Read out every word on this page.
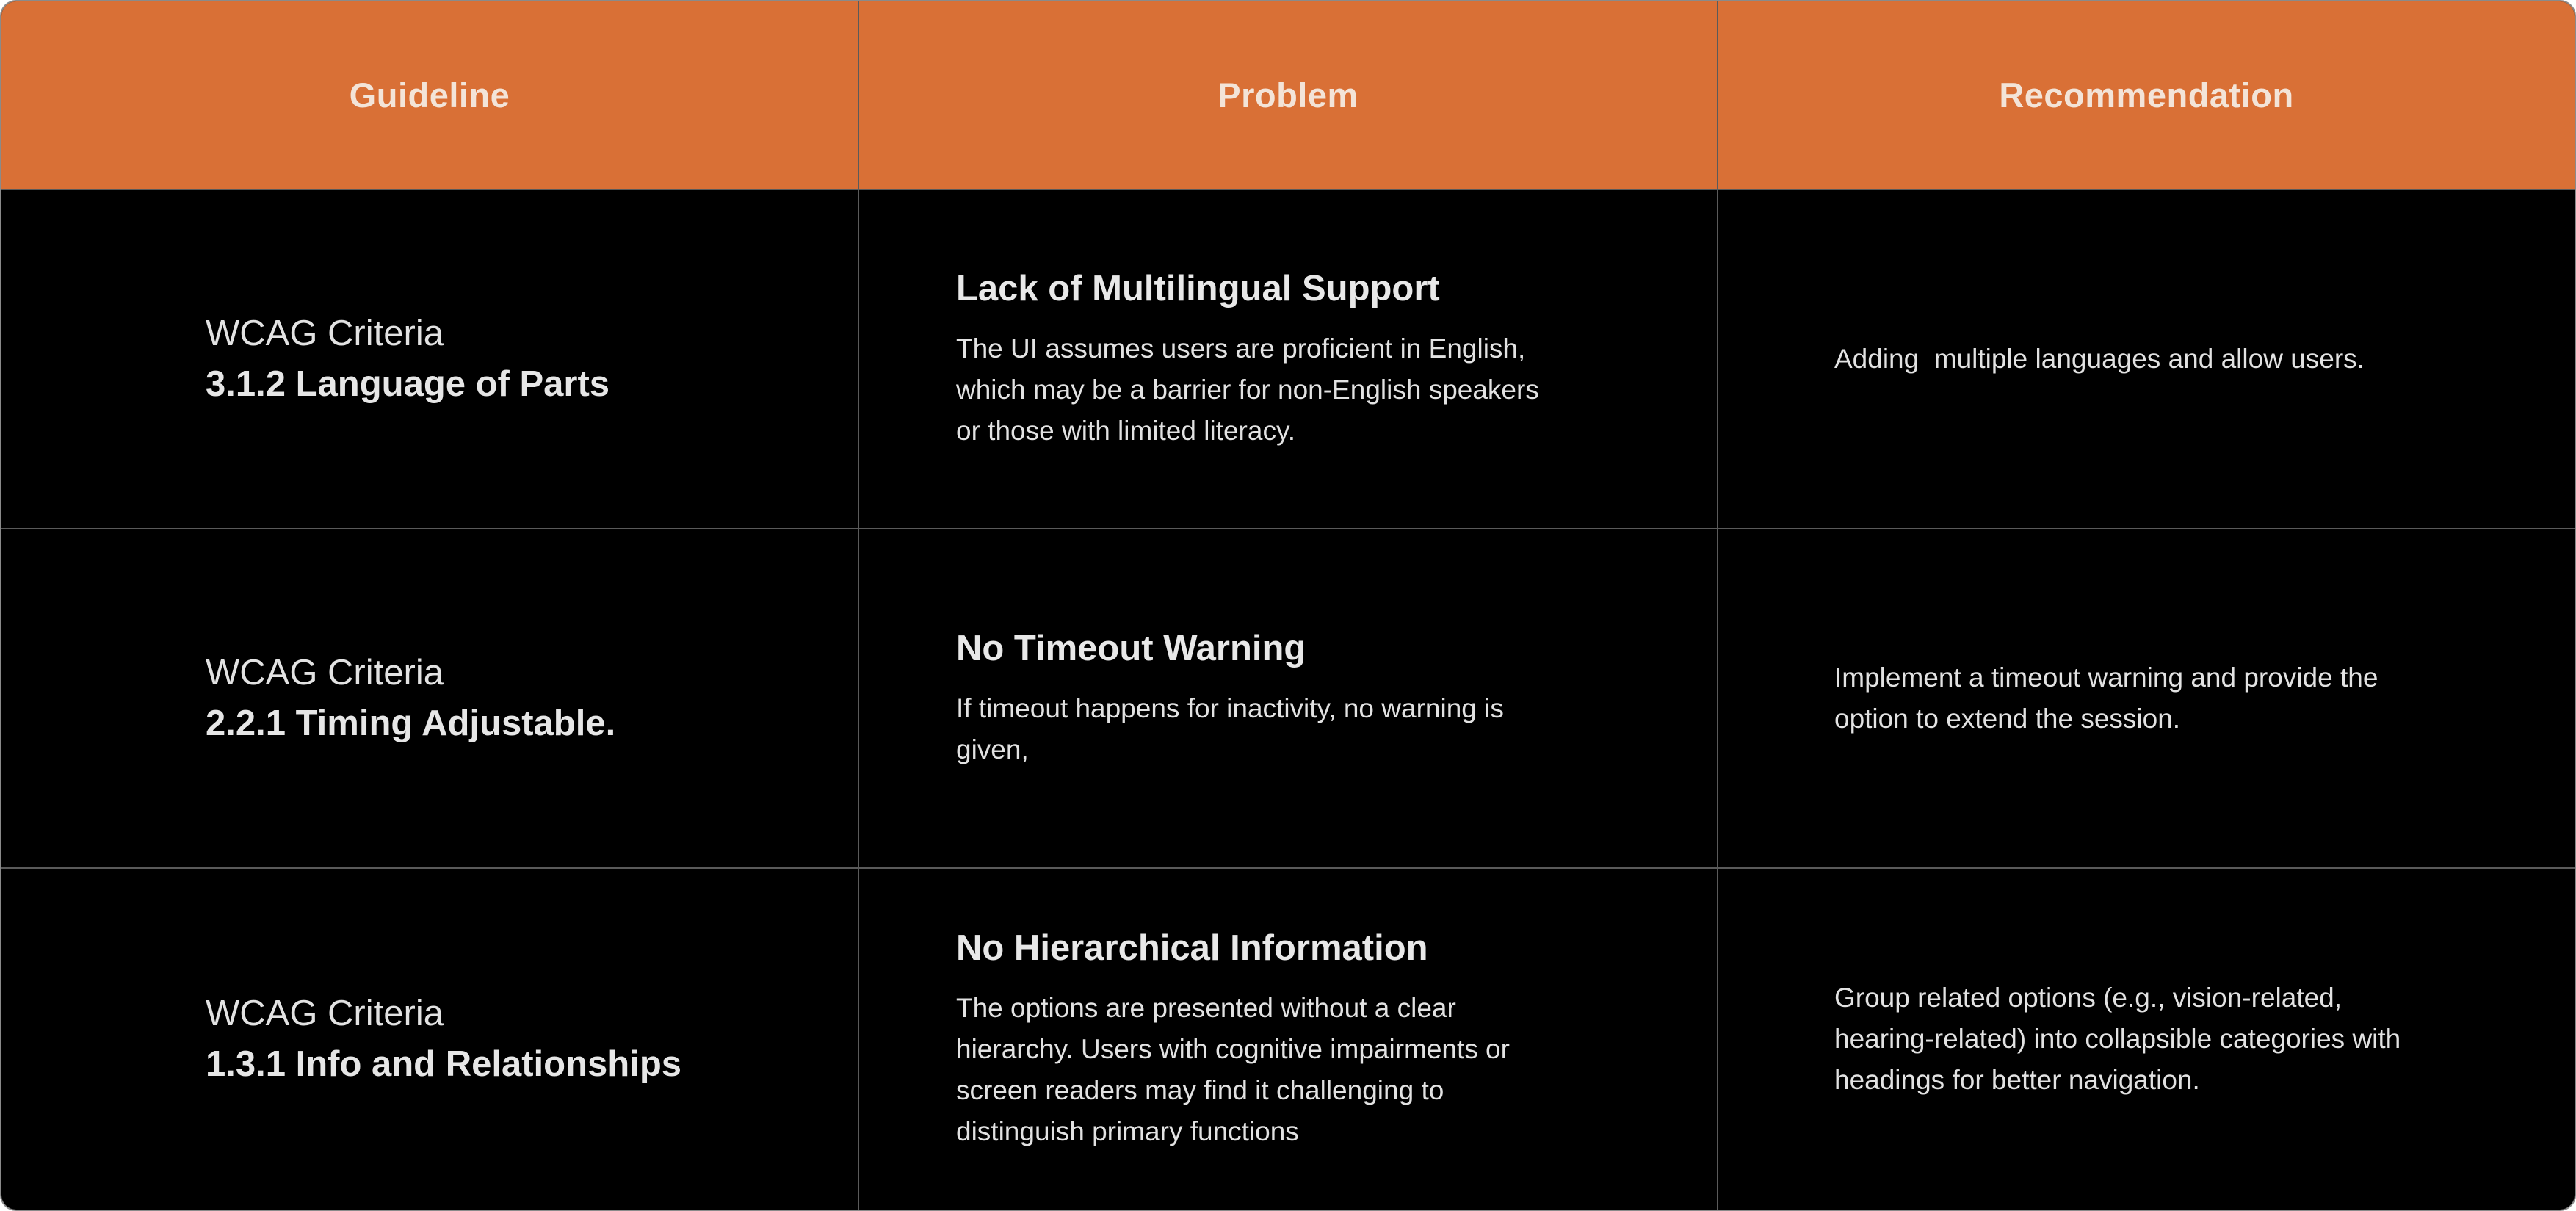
Guideline	Problem	Recommendation
WCAG Criteria
3.1.2 Language of Parts
Lack of Multilingual Support
The UI assumes users are proficient in English, which may be a barrier for non-English speakers or those with limited literacy.
Adding  multiple languages and allow users.
WCAG Criteria
2.2.1 Timing Adjustable.
No Timeout Warning
If timeout happens for inactivity, no warning is given,
Implement a timeout warning and provide the option to extend the session.
WCAG Criteria
1.3.1 Info and Relationships
No Hierarchical Information
The options are presented without a clear hierarchy. Users with cognitive impairments or screen readers may find it challenging to distinguish primary functions
Group related options (e.g., vision-related, hearing-related) into collapsible categories with headings for better navigation.
